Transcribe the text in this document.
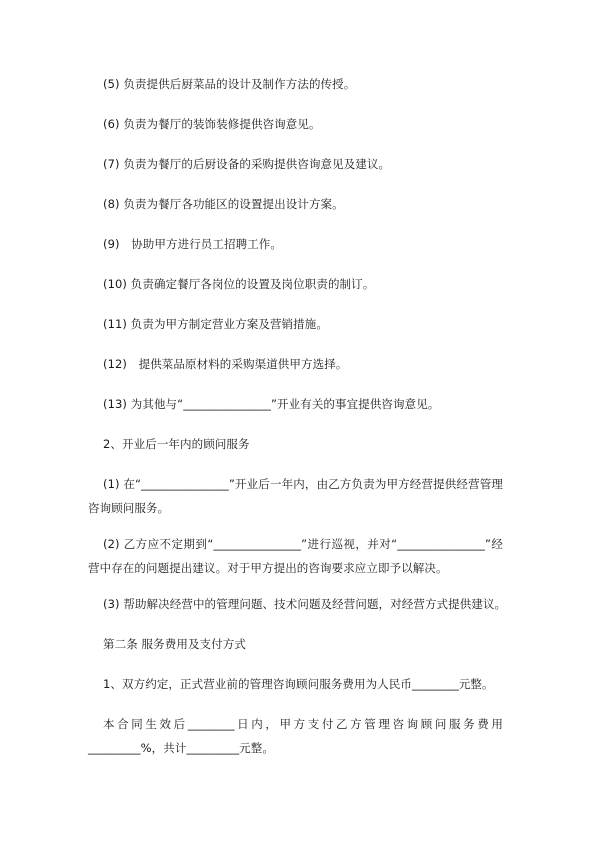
(5) 负责提供后厨菜品的设计及制作方法的传授。

(6) 负责为餐厅的装饰装修提供咨询意见。

(7) 负责为餐厅的后厨设备的采购提供咨询意见及建议。

(8) 负责为餐厅各功能区的设置提出设计方案。

(9)　协助甲方进行员工招聘工作。

(10) 负责确定餐厅各岗位的设置及岗位职责的制订。

(11) 负责为甲方制定营业方案及营销措施。

(12)　提供菜品原材料的采购渠道供甲方选择。

(13) 为其他与“_______________”开业有关的事宜提供咨询意见。

2、开业后一年内的顾问服务

(1) 在“_______________”开业后一年内，由乙方负责为甲方经营提供经营管理咨询顾问服务。

(2) 乙方应不定期到“_______________”进行巡视，并对“_______________”经营中存在的问题提出建议。对于甲方提出的咨询要求应立即予以解决。

(3) 帮助解决经营中的管理问题、技术问题及经营问题，对经营方式提供建议。

第二条 服务费用及支付方式

1、双方约定，正式营业前的管理咨询顾问服务费用为人民币________元整。

本合同生效后________日内，甲方支付乙方管理咨询顾问服务费用_________%，共计_________元整。
